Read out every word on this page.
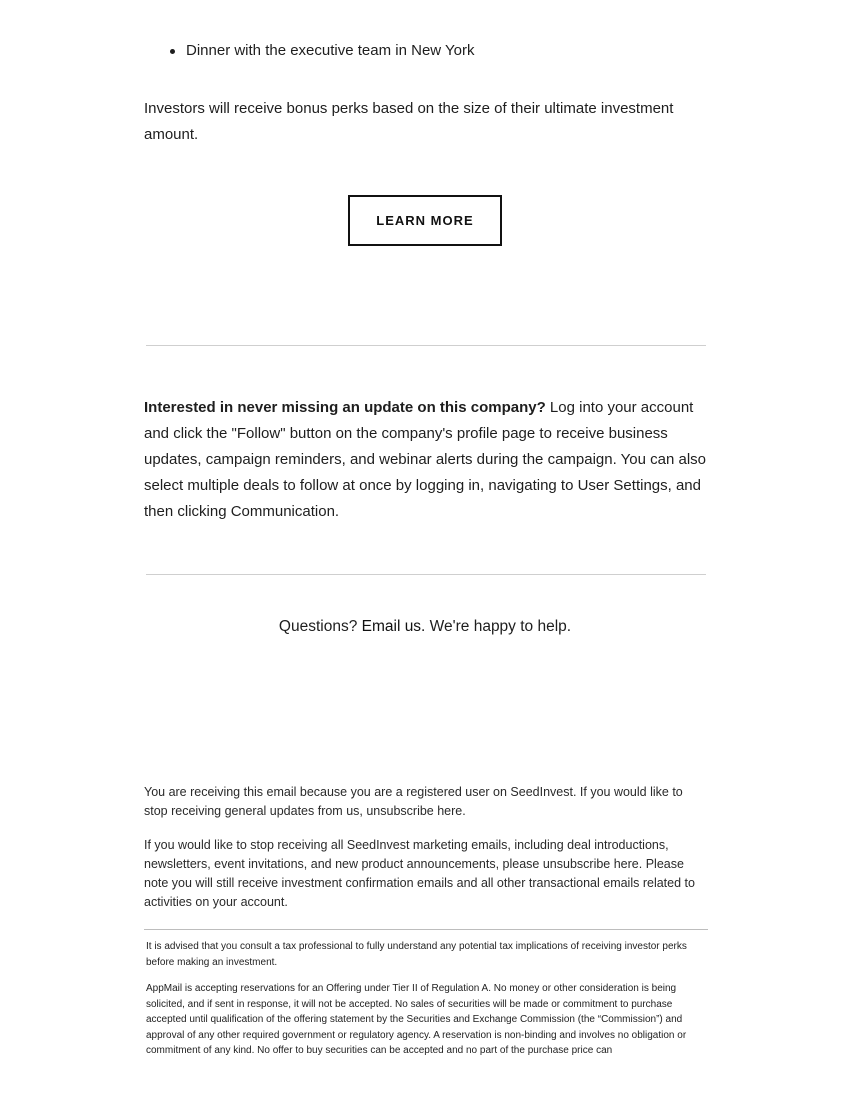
Dinner with the executive team in New York

Investors will receive bonus perks based on the size of their ultimate investment amount.

LEARN MORE

Interested in never missing an update on this company? Log into your account and click the "Follow" button on the company's profile page to receive business updates, campaign reminders, and webinar alerts during the campaign. You can also select multiple deals to follow at once by logging in, navigating to User Settings, and then clicking Communication.

Questions? Email us. We're happy to help.

You are receiving this email because you are a registered user on SeedInvest. If you would like to stop receiving general updates from us, unsubscribe here.

If you would like to stop receiving all SeedInvest marketing emails, including deal introductions, newsletters, event invitations, and new product announcements, please unsubscribe here. Please note you will still receive investment confirmation emails and all other transactional emails related to activities on your account.

It is advised that you consult a tax professional to fully understand any potential tax implications of receiving investor perks before making an investment.

AppMail is accepting reservations for an Offering under Tier II of Regulation A. No money or other consideration is being solicited, and if sent in response, it will not be accepted. No sales of securities will be made or commitment to purchase accepted until qualification of the offering statement by the Securities and Exchange Commission (the “Commission”) and approval of any other required government or regulatory agency. A reservation is non-binding and involves no obligation or commitment of any kind. No offer to buy securities can be accepted and no part of the purchase price can
